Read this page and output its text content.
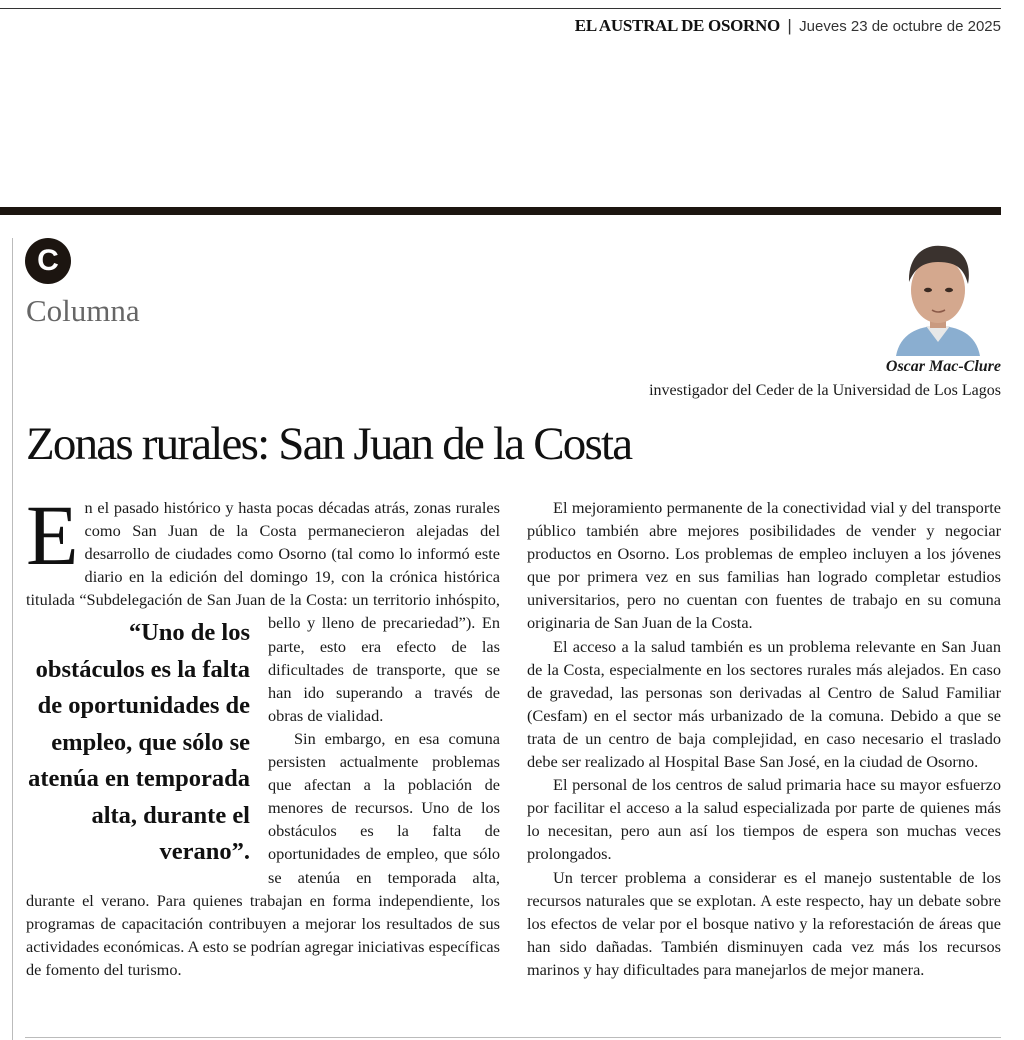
EL AUSTRAL DE OSORNO | Jueves 23 de octubre de 2025
C
Columna
Oscar Mac-Clure
investigador del Ceder de la Universidad de Los Lagos
Zonas rurales: San Juan de la Costa
E n el pasado histórico y hasta pocas décadas atrás, zonas rurales como San Juan de la Costa permanecieron alejadas del desarrollo de ciudades como Osorno (tal como lo informó este diario en la edición del domingo 19, con la crónica histórica titulada “Subdelegación de San Juan de la Costa: un territorio inhós
“Uno de los obstáculos es la falta de oportunidades de empleo, que sólo se atenúa en temporada alta, durante el verano”.
pito, bello y lleno de precariedad”). En parte, esto era efecto de las dificultades de transporte, que se han ido superando a través de obras de vialidad.

Sin embargo, en esa comuna persisten actualmente problemas que afectan a la población de menores de recursos. Uno de los obstáculos es la falta de oportunidades de empleo, que sólo se atenúa en temporada alta, durante el verano. Para quienes trabajan en forma independiente, los programas de capacitación contribuyen a mejorar los resultados de sus actividades económicas. A esto se podrían agregar iniciativas específicas de fomento del turismo.

El mejoramiento permanente de la conectividad vial y del transporte público también abre mejores posibilidades de vender y negociar productos en Osorno. Los problemas de empleo incluyen a los jóvenes que por primera vez en sus familias han logrado completar estudios universitarios, pero no cuentan con fuentes de trabajo en su comuna originaria de San Juan de la Costa.

El acceso a la salud también es un problema relevante en San Juan de la Costa, especialmente en los sectores rurales más alejados. En caso de gravedad, las personas son derivadas al Centro de Salud Familiar (Cesfam) en el sector más urbanizado de la comuna. Debido a que se trata de un centro de baja complejidad, en caso necesario el traslado debe ser realizado al Hospital Base San José, en la ciudad de Osorno.

El personal de los centros de salud primaria hace su mayor esfuerzo por facilitar el acceso a la salud especializada por parte de quienes más lo necesitan, pero aun así los tiempos de espera son muchas veces prolongados.

Un tercer problema a considerar es el manejo sustentable de los recursos naturales que se explotan. A este respecto, hay un debate sobre los efectos de velar por el bosque nativo y la reforestación de áreas que han sido dañadas. También disminuyen cada vez más los recursos marinos y hay dificultades para manejarlos de mejor manera.
